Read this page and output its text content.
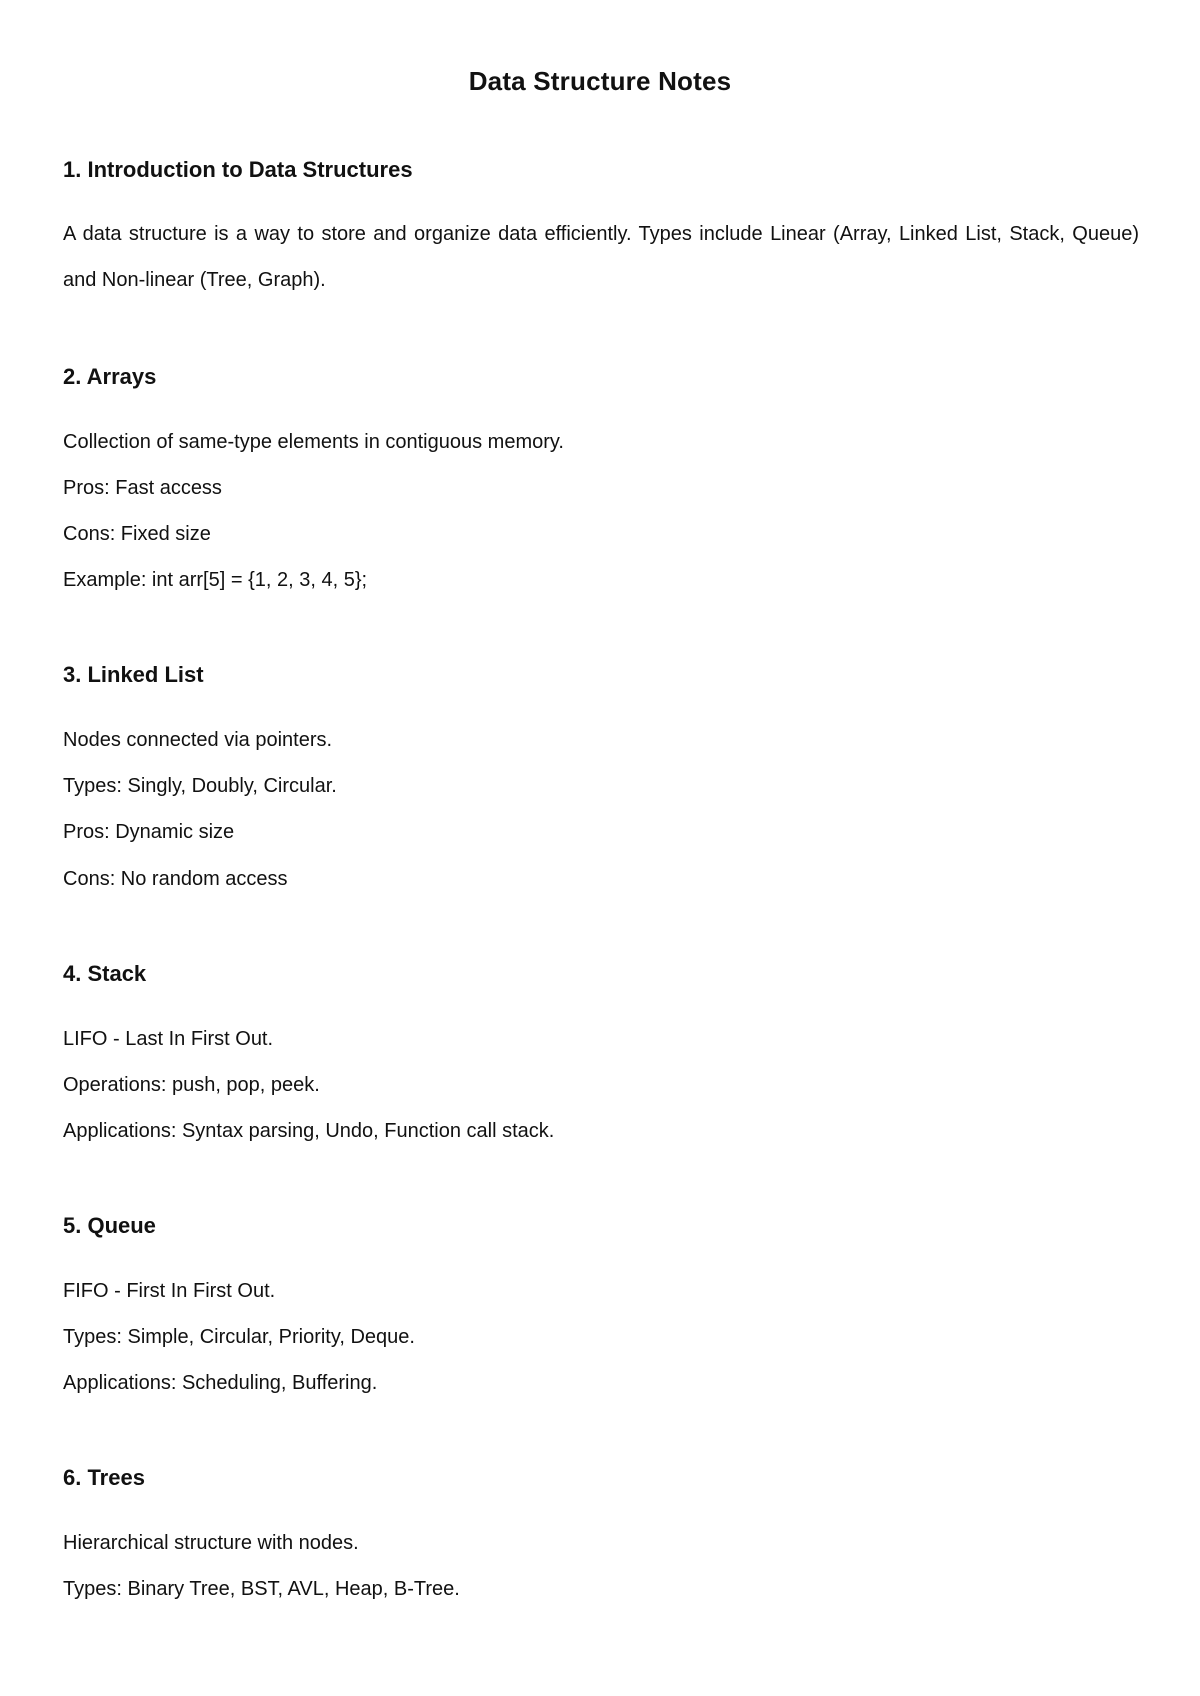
Data Structure Notes
1. Introduction to Data Structures

A data structure is a way to store and organize data efficiently. Types include Linear (Array, Linked List, Stack, Queue) and Non-linear (Tree, Graph).

2. Arrays

Collection of same-type elements in contiguous memory.

Pros: Fast access

Cons: Fixed size

Example: int arr[5] = {1, 2, 3, 4, 5};

3. Linked List

Nodes connected via pointers.

Types: Singly, Doubly, Circular.

Pros: Dynamic size

Cons: No random access

4. Stack

LIFO - Last In First Out.

Operations: push, pop, peek.

Applications: Syntax parsing, Undo, Function call stack.

5. Queue

FIFO - First In First Out.

Types: Simple, Circular, Priority, Deque.

Applications: Scheduling, Buffering.

6. Trees

Hierarchical structure with nodes.

Types: Binary Tree, BST, AVL, Heap, B-Tree.
